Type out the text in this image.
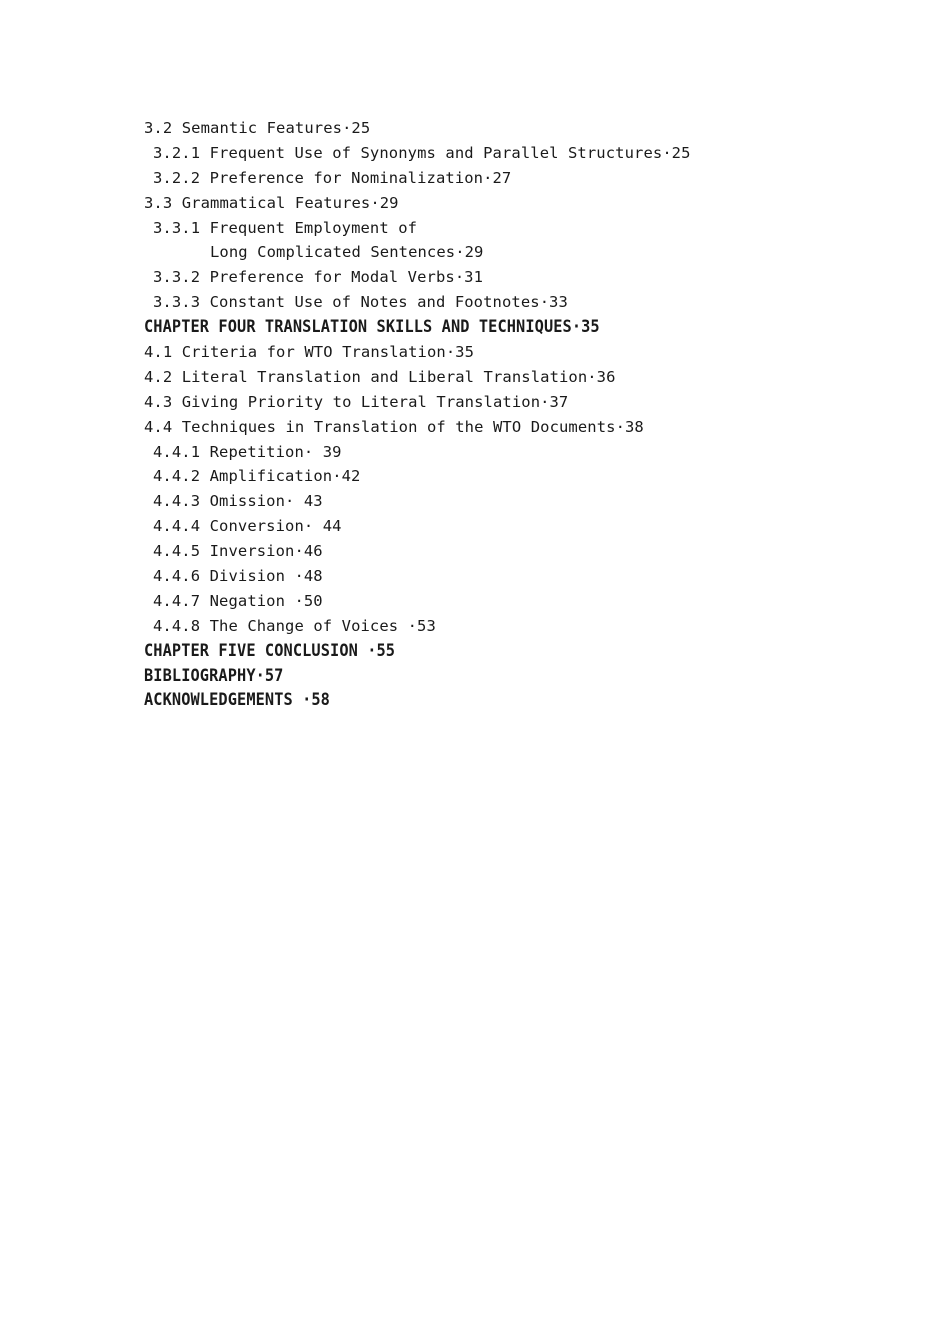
3.2 Semantic Features·25
3.2.1 Frequent Use of Synonyms and Parallel Structures·25
3.2.2 Preference for Nominalization·27
3.3 Grammatical Features·29
3.3.1 Frequent Employment of
Long Complicated Sentences·29
3.3.2 Preference for Modal Verbs·31
3.3.3 Constant Use of Notes and Footnotes·33
CHAPTER FOUR TRANSLATION SKILLS AND TECHNIQUES·35
4.1 Criteria for WTO Translation·35
4.2 Literal Translation and Liberal Translation·36
4.3 Giving Priority to Literal Translation·37
4.4 Techniques in Translation of the WTO Documents·38
4.4.1 Repetition· 39
4.4.2 Amplification·42
4.4.3 Omission· 43
4.4.4 Conversion· 44
4.4.5 Inversion·46
4.4.6 Division ·48
4.4.7 Negation ·50
4.4.8 The Change of Voices ·53
CHAPTER FIVE CONCLUSION ·55
BIBLIOGRAPHY·57
ACKNOWLEDGEMENTS ·58
